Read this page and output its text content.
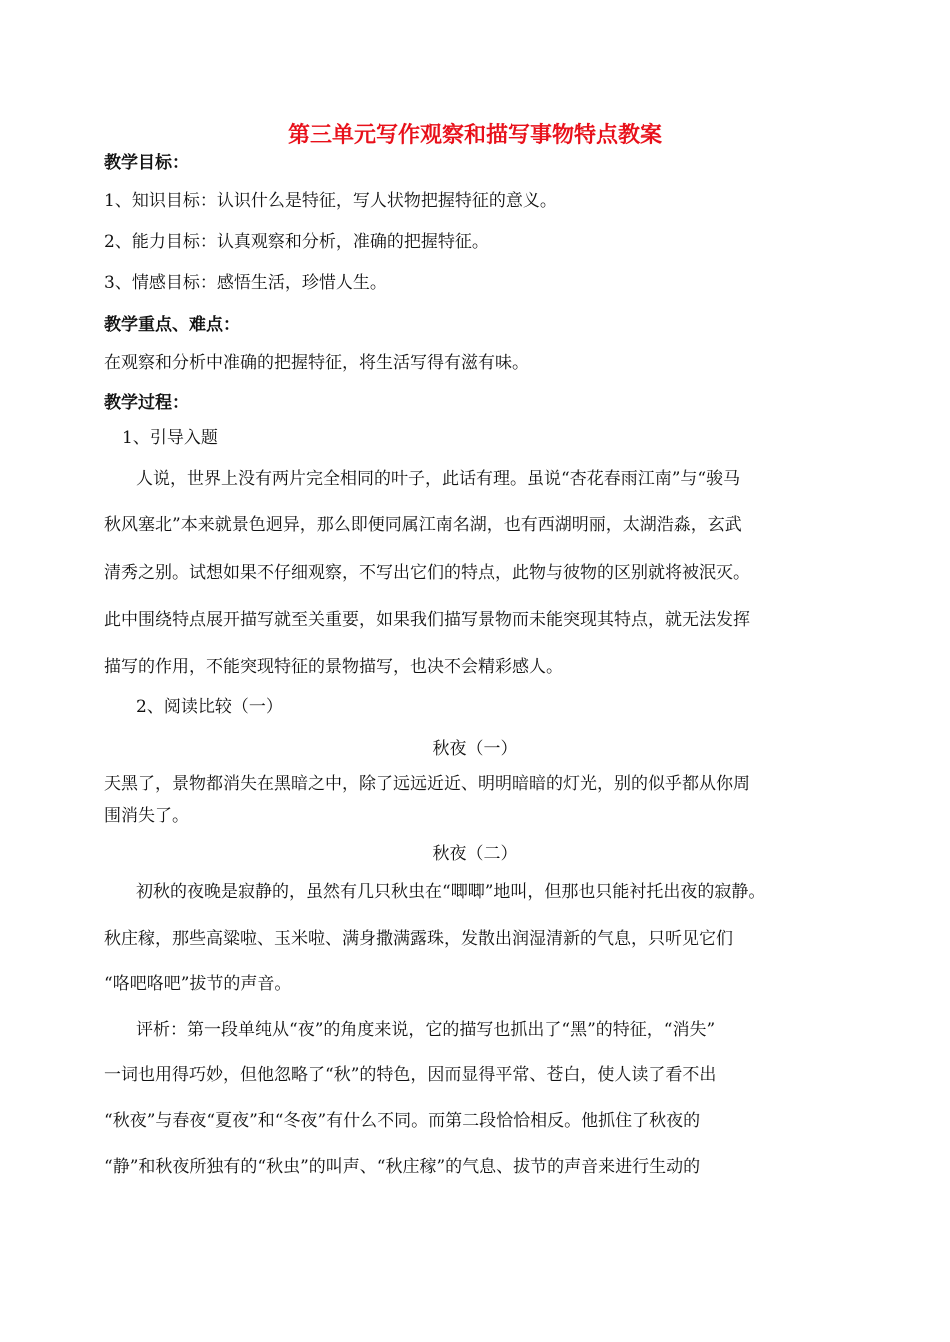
第三单元写作观察和描写事物特点教案
教学目标：
1、知识目标：认识什么是特征，写人状物把握特征的意义。
2、能力目标：认真观察和分析，准确的把握特征。
3、情感目标：感悟生活，珍惜人生。
教学重点、难点：
在观察和分析中准确的把握特征，将生活写得有滋有味。
教学过程：
1、引导入题
人说，世界上没有两片完全相同的叶子，此话有理。虽说“杏花春雨江南”与“骏马
秋风塞北”本来就景色迥异，那么即便同属江南名湖，也有西湖明丽，太湖浩淼，玄武
清秀之别。试想如果不仔细观察，不写出它们的特点，此物与彼物的区别就将被泯灭。
此中围绕特点展开描写就至关重要，如果我们描写景物而未能突现其特点，就无法发挥
描写的作用，不能突现特征的景物描写，也决不会精彩感人。
2、阅读比较（一）
秋夜（一）
天黑了，景物都消失在黑暗之中，除了远远近近、明明暗暗的灯光，别的似乎都从你周
围消失了。
秋夜（二）
初秋的夜晚是寂静的，虽然有几只秋虫在“唧唧”地叫，但那也只能衬托出夜的寂静。
秋庄稼，那些高粱啦、玉米啦、满身撒满露珠，发散出润湿清新的气息，只听见它们
“咯吧咯吧”拔节的声音。
评析：第一段单纯从“夜”的角度来说，它的描写也抓出了“黑”的特征，“消失”
一词也用得巧妙，但他忽略了“秋”的特色，因而显得平常、苍白，使人读了看不出
“秋夜”与春夜“夏夜”和“冬夜”有什么不同。而第二段恰恰相反。他抓住了秋夜的
“静”和秋夜所独有的“秋虫”的叫声、“秋庄稼”的气息、拔节的声音来进行生动的
